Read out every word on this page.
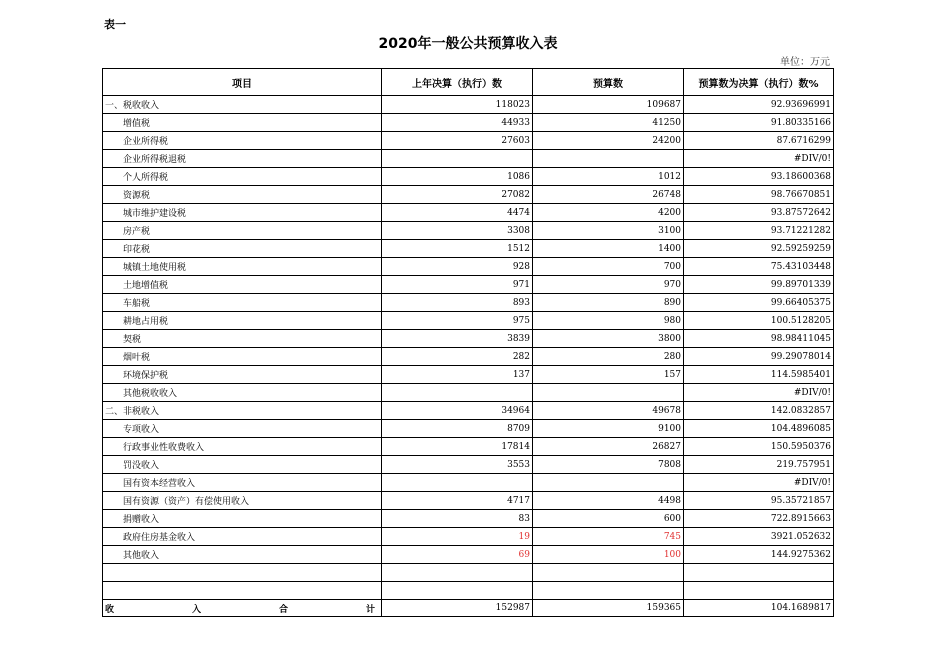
表一
2020年一般公共预算收入表
单位：万元
项目	上年决算（执行）数	预算数	预算数为决算（执行）数%
一、税收收入	118023	109687	92.93696991
增值税	44933	41250	91.80335166
企业所得税	27603	24200	87.6716299
企业所得税退税			#DIV/0!
个人所得税	1086	1012	93.18600368
资源税	27082	26748	98.76670851
城市维护建设税	4474	4200	93.87572642
房产税	3308	3100	93.71221282
印花税	1512	1400	92.59259259
城镇土地使用税	928	700	75.43103448
土地增值税	971	970	99.89701339
车船税	893	890	99.66405375
耕地占用税	975	980	100.5128205
契税	3839	3800	98.98411045
烟叶税	282	280	99.29078014
环境保护税	137	157	114.5985401
其他税收收入			#DIV/0!
二、非税收入	34964	49678	142.0832857
专项收入	8709	9100	104.4896085
行政事业性收费收入	17814	26827	150.5950376
罚没收入	3553	7808	219.757951
国有资本经营收入			#DIV/0!
国有资源（资产）有偿使用收入	4717	4498	95.35721857
捐赠收入	83	600	722.8915663
政府住房基金收入	19	745	3921.052632
其他收入	69	100	144.9275362

收 入 合 计	152987	159365	104.1689817
